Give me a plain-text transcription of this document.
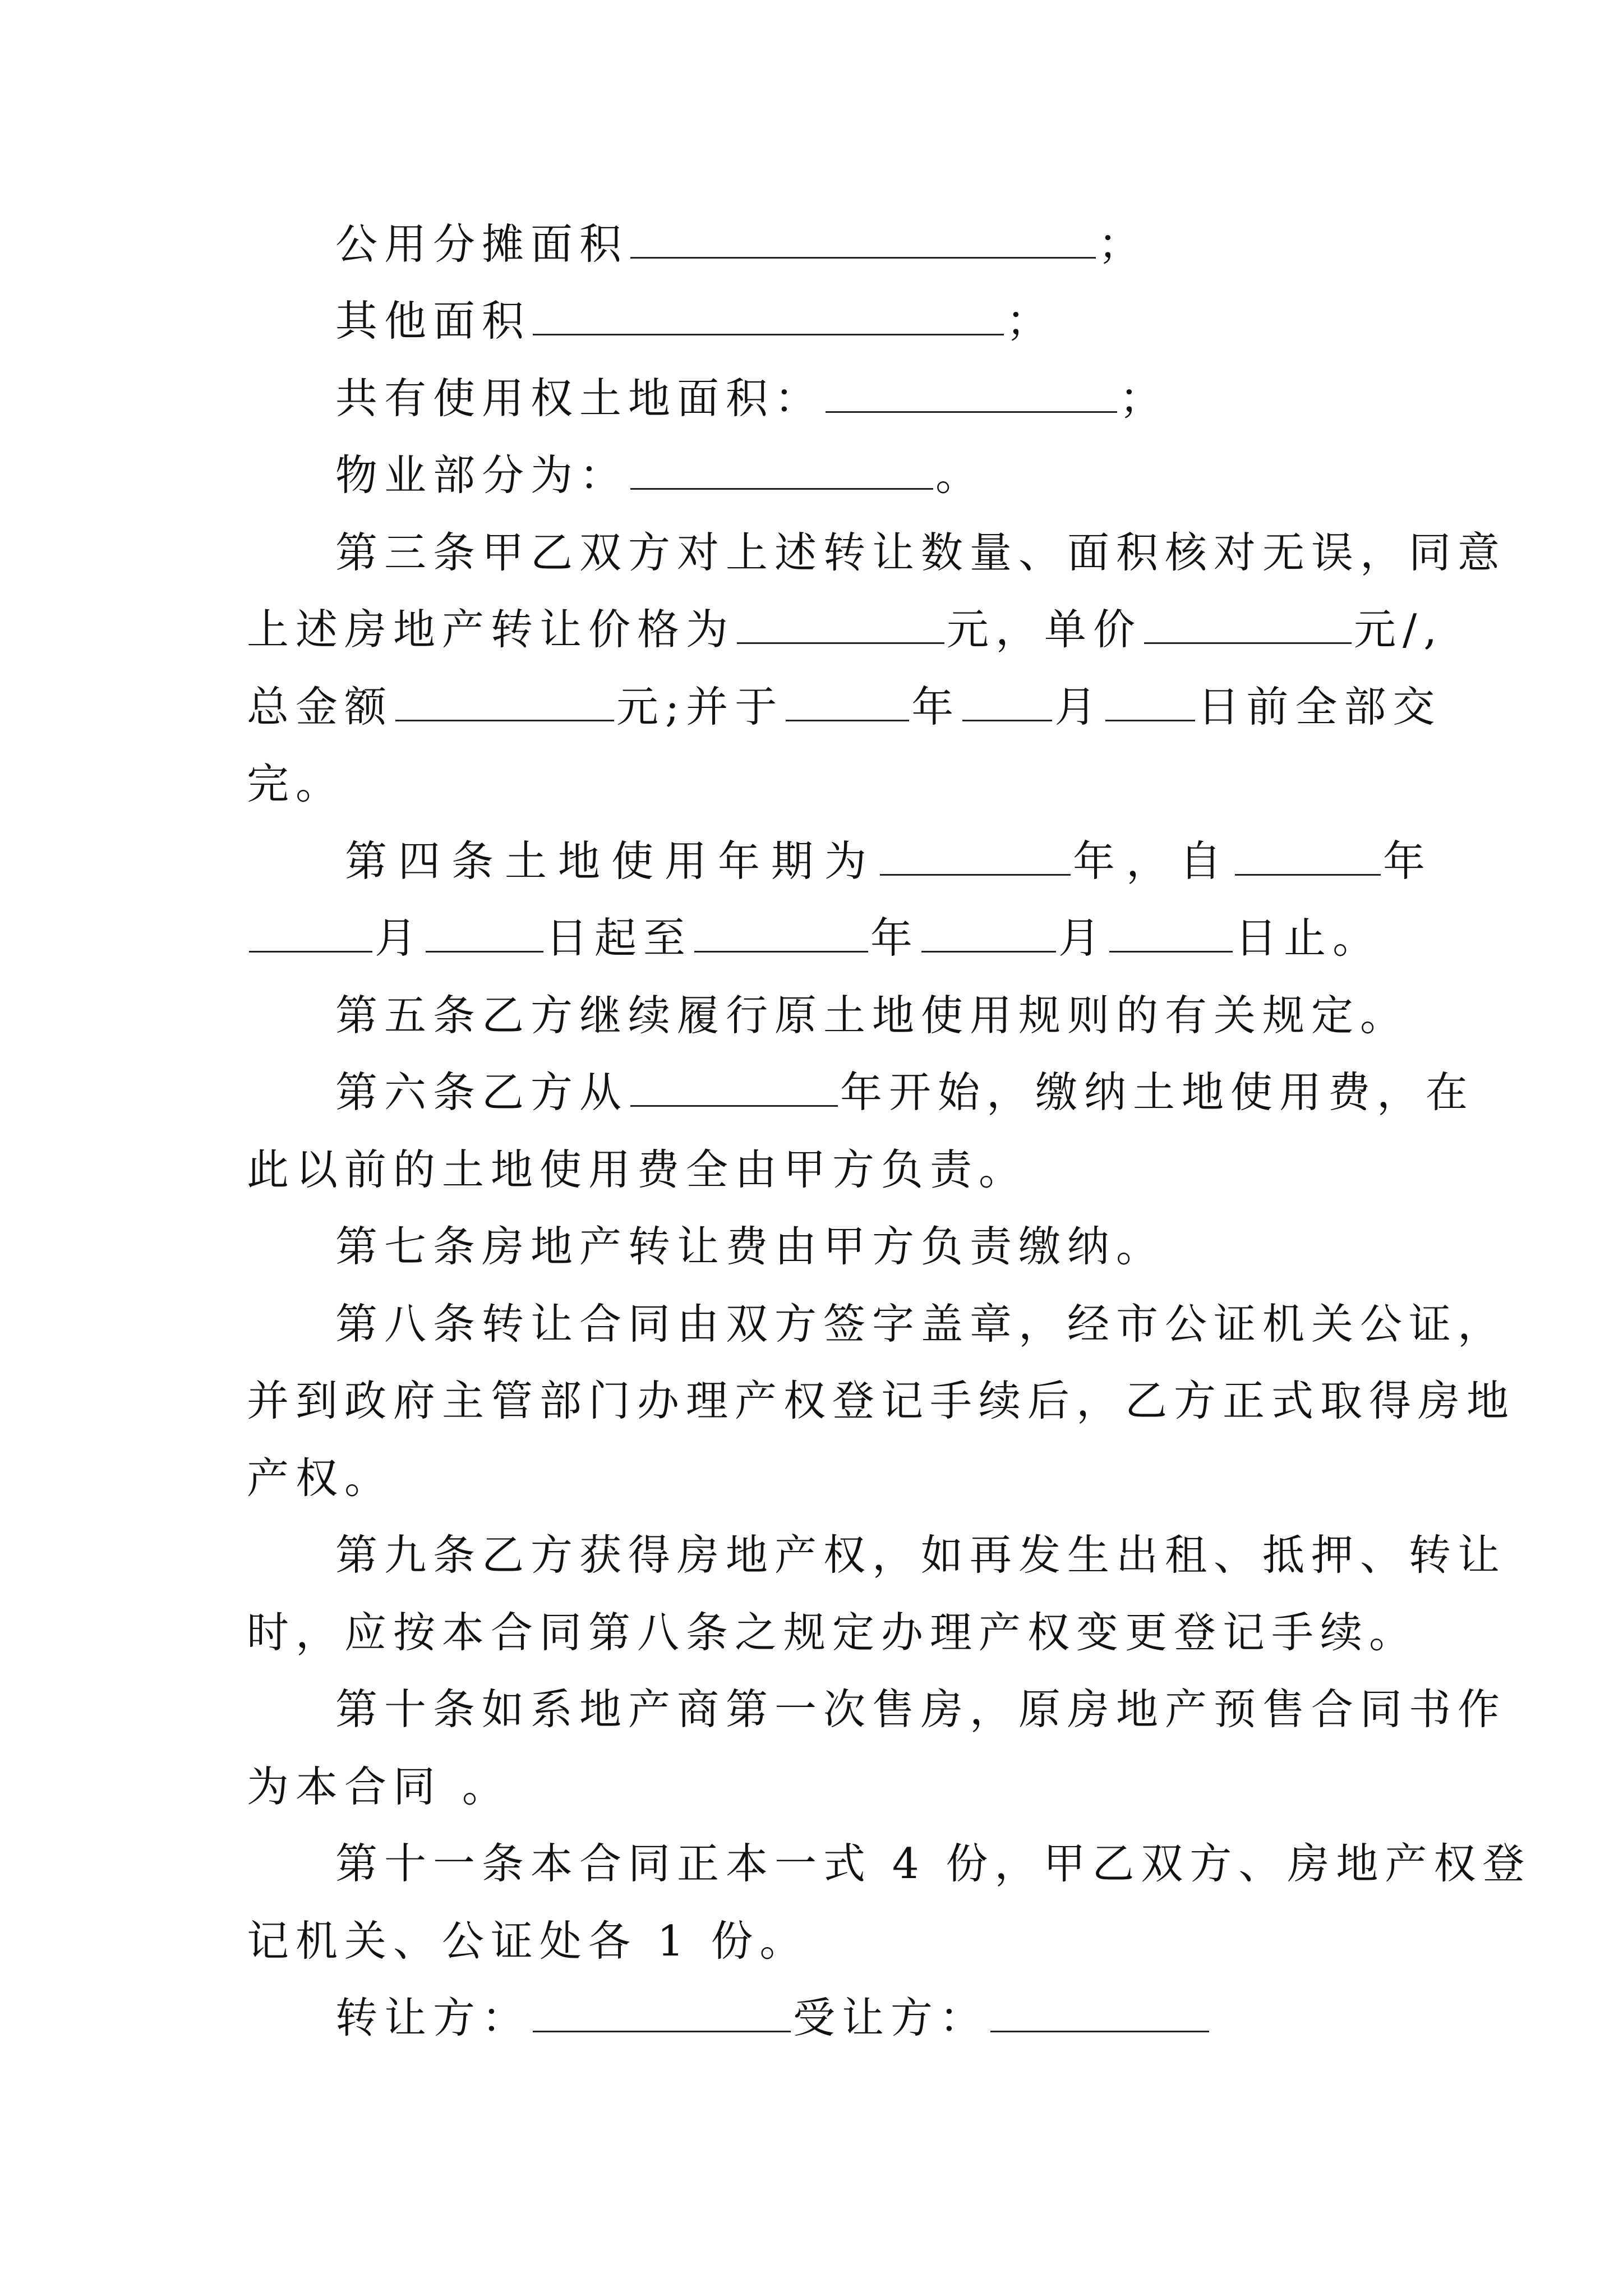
公用分摊面积	；
其他面积	；
共有使用权土地面积：	；
物业部分为：	。
第三条甲乙双方对上述转让数量、面积核对无误，同意
上述房地产转让价格为	元，单价	元/,
总金额	元;并于	年 月 日前全部交
完。
第四条土地使用年期为	年，自	年
月	日起至	年	月	日止。
第五条乙方继续履行原土地使用规则的有关规定。
第六条乙方从	年开始，缴纳土地使用费，在
此以前的土地使用费全由甲方负责。
第七条房地产转让费由甲方负责缴纳。
第八条转让合同由双方签字盖章，经市公证机关公证，
并到政府主管部门办理产权登记手续后，乙方正式取得房地
产权。
第九条乙方获得房地产权，如再发生出租、抵押、转让
时，应按本合同第八条之规定办理产权变更登记手续。
第十条如系地产商第一次售房，原房地产预售合同书作
为本合同 。
第十一条本合同正本一式 4 份，甲乙双方、房地产权登
记机关、公证处各 1 份。
转让方：	受让方：
